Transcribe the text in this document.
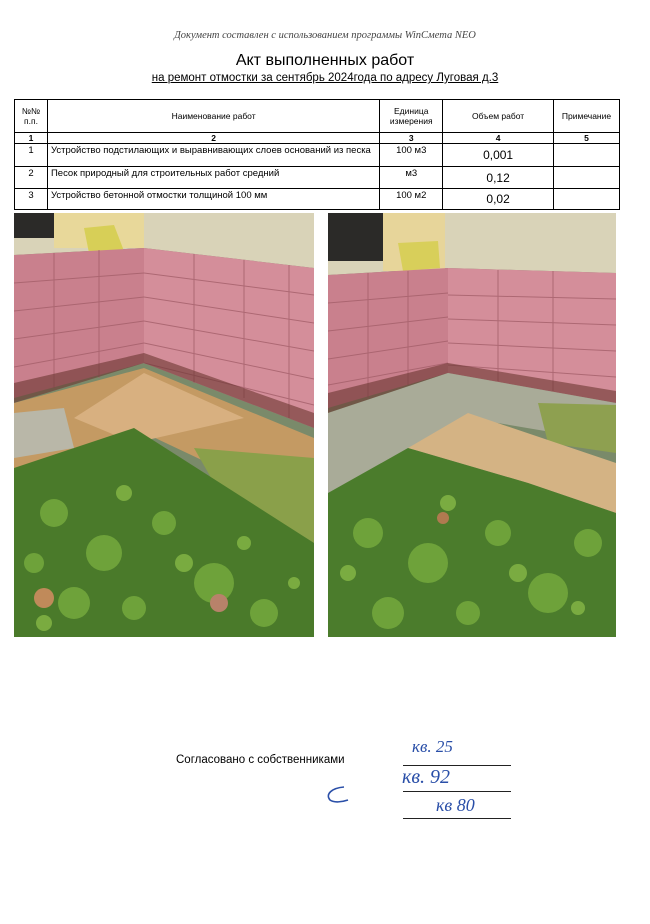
Документ составлен с использованием программы WinСмета NEO
Акт выполненных работ
на ремонт отмостки за сентябрь 2024года по адресу Луговая д.3
№№ п.п.	Наименование работ	Единица измерения	Объем работ	Примечание
1	2	3	4	5
1	Устройство подстилающих и выравнивающих слоев оснований из песка	100 м3	0,001	
2	Песок природный для строительных работ средний	м3	0,12	
3	Устройство бетонной отмостки толщиной 100 мм	100 м2	0,02	
Согласовано с собственниками
кв. 25
кв. 92
кв 80
